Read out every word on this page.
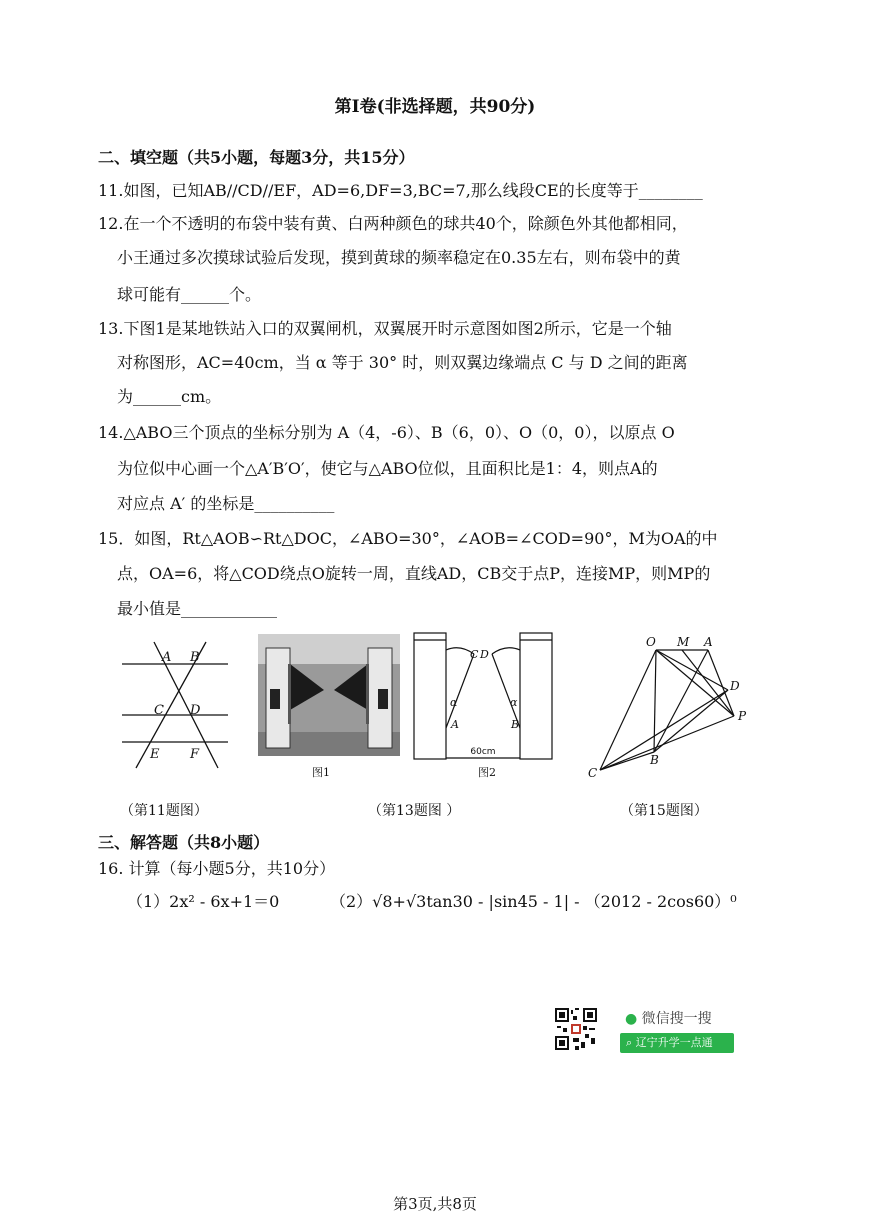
第Ⅰ卷(非选择题，共90分)
二、填空题（共5小题，每题3分，共15分）
11.如图，已知AB//CD//EF，AD=6,DF=3,BC=7,那么线段CE的长度等于________
12.在一个不透明的布袋中装有黄、白两种颜色的球共40个，除颜色外其他都相同，
小王通过多次摸球试验后发现，摸到黄球的频率稳定在0.35左右，则布袋中的黄
球可能有______个。
13.下图1是某地铁站入口的双翼闸机，双翼展开时示意图如图2所示，它是一个轴
对称图形，AC=40cm，当 α 等于 30° 时，则双翼边缘端点 C 与 D 之间的距离
为______cm。
14.△ABO三个顶点的坐标分别为 A（4，-6）、B（6，0）、O（0，0），以原点 O
为位似中心画一个△A′B′O′，使它与△ABO位似，且面积比是1：4，则点A的
对应点 A′ 的坐标是__________
15．如图，Rt△AOB∽Rt△DOC，∠ABO=30°，∠AOB=∠COD=90°，M为OA的中
点，OA=6，将△COD绕点O旋转一周，直线AD，CB交于点P，连接MP，则MP的
最小值是____________
A B
C D
E F
图1
C D
A	B
α	α
60cm
图2
O M A
D
P
B
C
（第11题图）	（第13题图 ）	（第15题图）
三、解答题（共8小题）
16. 计算（每小题5分，共10分）
（1）2x² - 6x+1＝0	（2）√8+√3tan30 - |sin45 - 1| - （2012 - 2cos60）⁰
● 微信搜一搜
⌕ 辽宁升学一点通
第3页,共8页
